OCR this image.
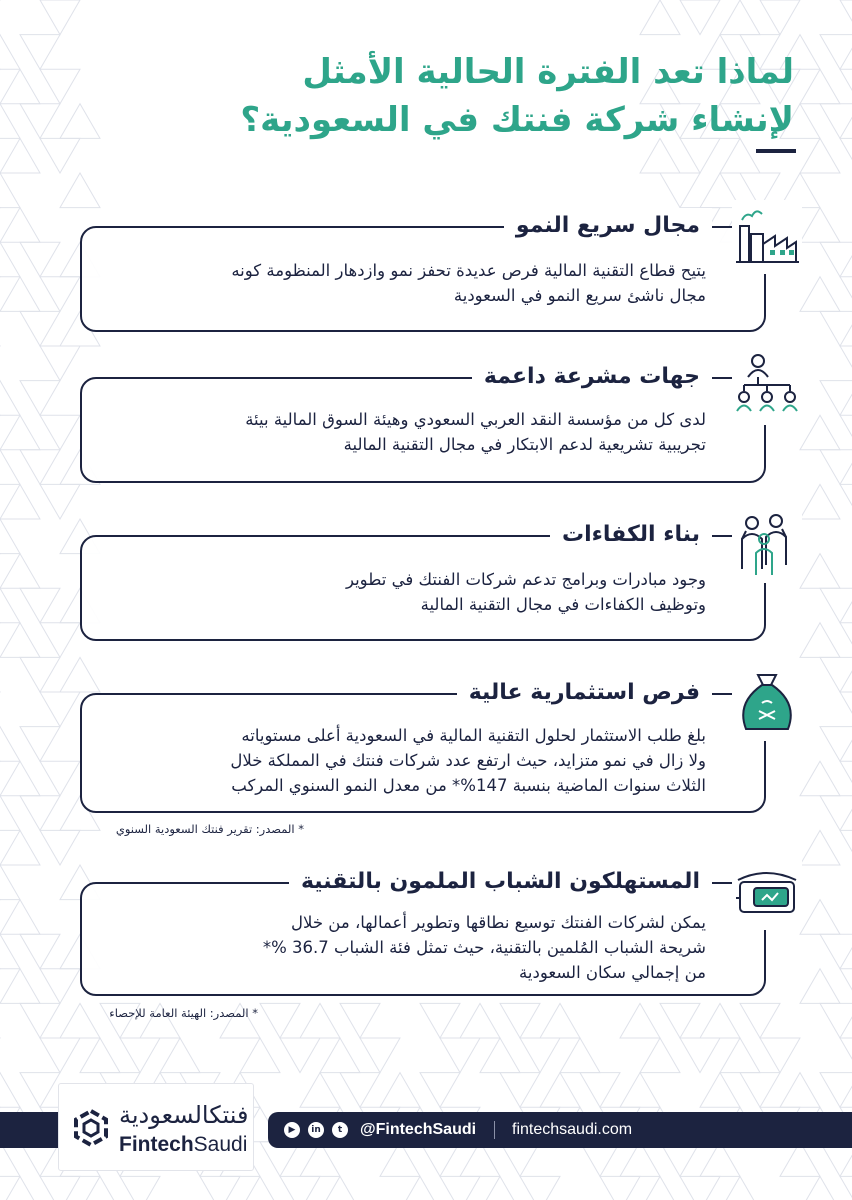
لماذا تعد الفترة الحالية الأمثل
لإنشاء شركة فنتك في السعودية؟
مجال سريع النمو
يتيح قطاع التقنية المالية فرص عديدة تحفز نمو وازدهار المنظومة كونه
مجال ناشئ سريع النمو في السعودية
جهات مشرعة داعمة
لدى كل من مؤسسة النقد العربي السعودي وهيئة السوق المالية بيئة
تجريبية تشريعية لدعم الابتكار في مجال التقنية المالية
بناء الكفاءات
وجود مبادرات وبرامج تدعم شركات الفنتك في تطوير
وتوظيف الكفاءات في مجال التقنية المالية
فرص استثمارية عالية
بلغ طلب الاستثمار لحلول التقنية المالية في السعودية أعلى مستوياته
ولا زال في نمو متزايد، حيث ارتفع عدد شركات فنتك في المملكة خلال
الثلاث سنوات الماضية بنسبة 147%* من معدل النمو السنوي المركب
* المصدر: تقرير فنتك السعودية السنوي
المستهلكون الشباب الملمون بالتقنية
يمكن لشركات الفنتك توسيع نطاقها وتطوير أعمالها، من خلال
شريحة الشباب المُلمين بالتقنية، حيث تمثل فئة الشباب 36.7 %*
من إجمالي سكان السعودية
* المصدر: الهيئة العامة للإحصاء
فنتكالسعودية
FintechSaudi
▶	in	t	@FintechSaudi fintechsaudi.com
